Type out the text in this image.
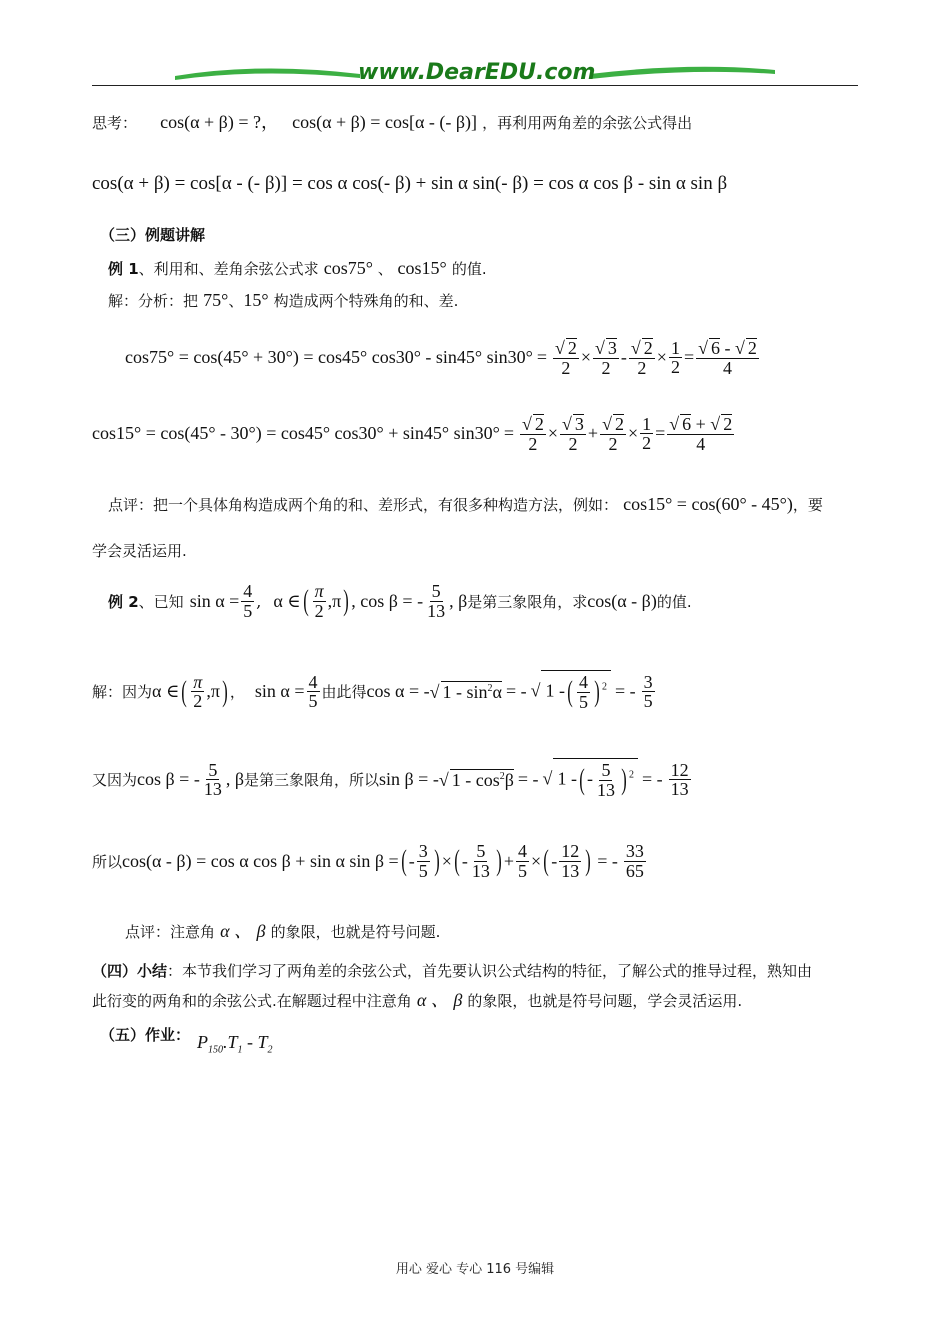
www.DearEDU.com
思考： cos(α + β) = ?， cos(α + β) = cos[α - (- β)] ，再利用两角差的余弦公式得出
cos(α + β) = cos[α - (- β)] = cos α cos(- β) + sin α sin(- β) = cos α cos β - sin α sin β
（三）例题讲解
例 1、利用和、差角余弦公式求 cos75° 、 cos15° 的值.
解：分析：把 75°、15° 构造成两个特殊角的和、差.
cos75° = cos(45° + 30°) = cos45° cos30° - sin45° $\sin 30^\circ = \frac{√ 2}{2} \times \frac{√ 3}{2} - \frac{√ 2}{2} \times \frac{1}{2} = \frac{√ 6 - √ 2}{4}$
cos15° = cos(45° - 30°) = cos45° cos30° + sin45° $\sin 30^\circ = \frac{√ 2}{2} \times \frac{√ 3}{2} + \frac{√ 2}{2} \times \frac{1}{2} = \frac{√ 6 + √ 2}{4}$
点评：把一个具体角构造成两个角的和、差形式，有很多种构造方法，例如： cos15° = cos(60° - 45°)，要
学会灵活运用.
例 2 、已知 $\sin \alpha = \frac{4}{5}$ , α ∈ ( $\frac{\pi}{2} ,\pi$ ) , cos β = - $\frac{5}{13}$ , β 是第三象限角，求 cos(α - β) 的值.
解：因为 α ∈ ( $\frac{\pi}{2} ,\pi$ ) ， $\sin \alpha = \frac{4}{5}$ 由此得 cos α = - √ $1 - \sin^2\alpha$ = - √ 1 -( $\frac{4}{5}$ ) $^2$ = - $\frac{3}{5}$
又因为 cos β = - $\frac{5}{13}$ , β 是第三象限角，所以 sin β = - √ $1 - \cos^2\beta$ = - √ 1 -( - $\frac{5}{13}$ ) $^2$ = - $\frac{12}{13}$
所以 cos(α - β) = cos α cos β + sin α sin β = ( - $\frac{3}{5}$ ) × ( - $\frac{5}{13}$ ) + $\frac{4}{5}$ × ( - $\frac{12}{13}$ ) = - $\frac{33}{65}$
点评：注意角 α 、 β 的象限，也就是符号问题.
（四）小结：本节我们学习了两角差的余弦公式，首先要认识公式结构的特征，了解公式的推导过程，熟知由
此衍变的两角和的余弦公式.在解题过程中注意角 α 、 β 的象限，也就是符号问题，学会灵活运用.
（五）作业： $P_{150}.T_1 - T_2$
用心 爱心 专心 116 号编辑
